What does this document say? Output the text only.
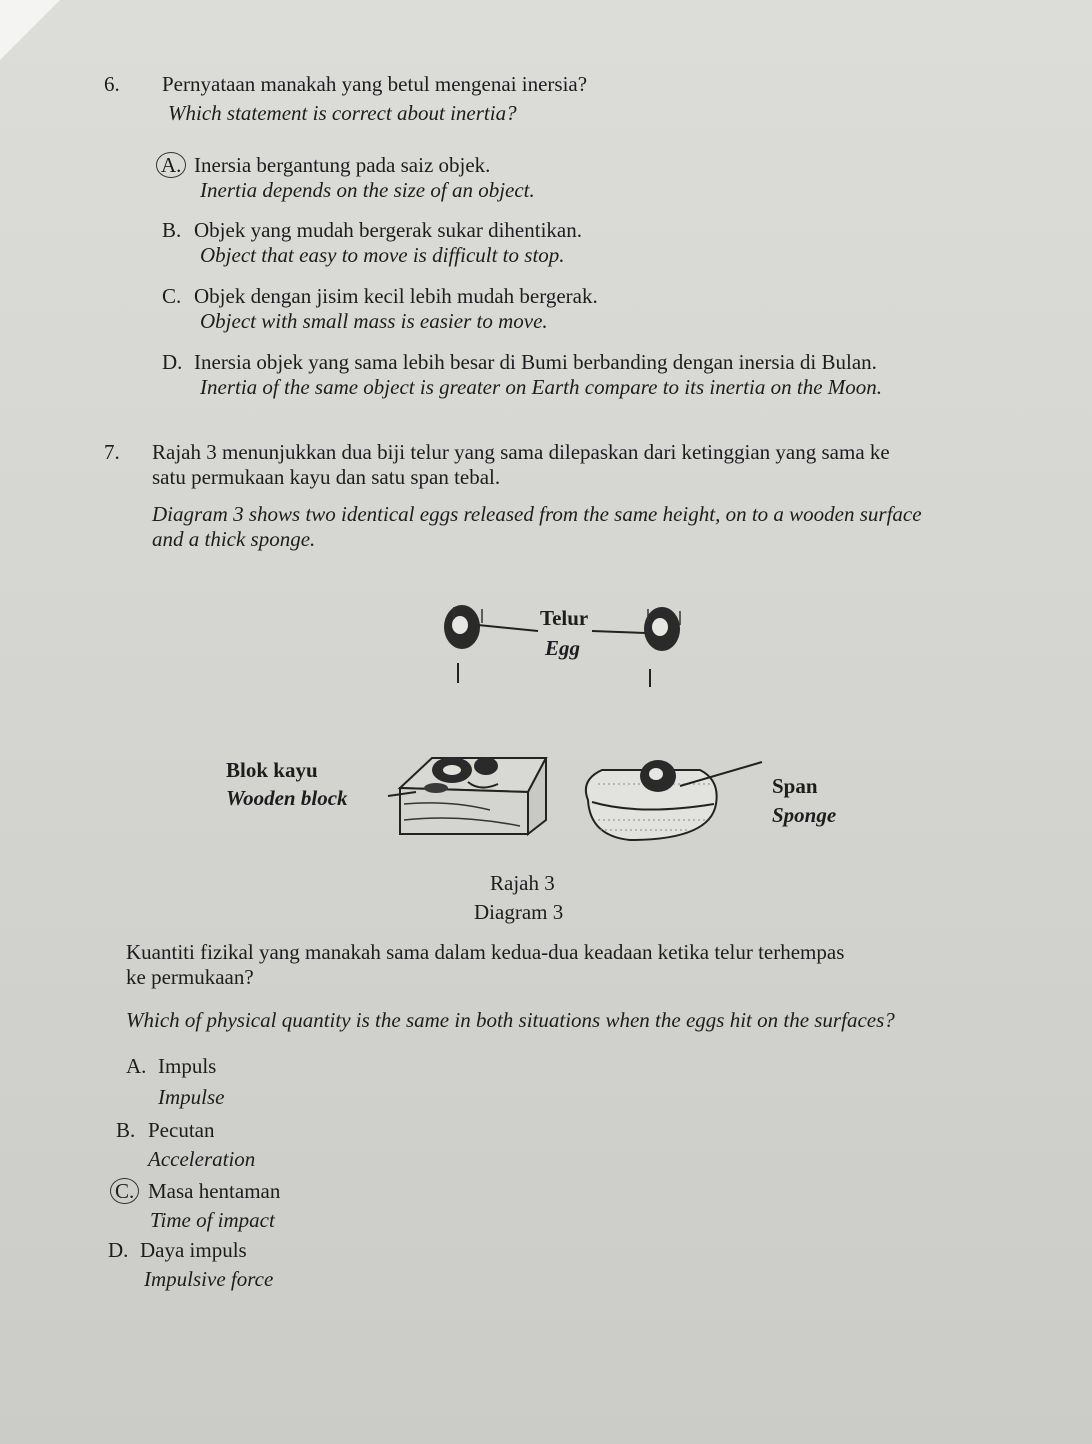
6. Pernyataan manakah yang betul mengenai inersia?
Which statement is correct about inertia?
A. Inersia bergantung pada saiz objek.
Inertia depends on the size of an object.
B. Objek yang mudah bergerak sukar dihentikan.
Object that easy to move is difficult to stop.
C. Objek dengan jisim kecil lebih mudah bergerak.
Object with small mass is easier to move.
D. Inersia objek yang sama lebih besar di Bumi berbanding dengan inersia di Bulan.
Inertia of the same object is greater on Earth compare to its inertia on the Moon.
7. Rajah 3 menunjukkan dua biji telur yang sama dilepaskan dari ketinggian yang sama ke
satu permukaan kayu dan satu span tebal.
Diagram 3 shows two identical eggs released from the same height, on to a wooden surface
and a thick sponge.
Telur
Egg
Blok kayu
Wooden block	Span
Sponge
Rajah 3
Diagram 3
Kuantiti fizikal yang manakah sama dalam kedua-dua keadaan ketika telur terhempas
ke permukaan?
Which of physical quantity is the same in both situations when the eggs hit on the surfaces?
A. Impuls
Impulse
B. Pecutan
Acceleration
C. Masa hentaman
Time of impact
D. Daya impuls
Impulsive force
